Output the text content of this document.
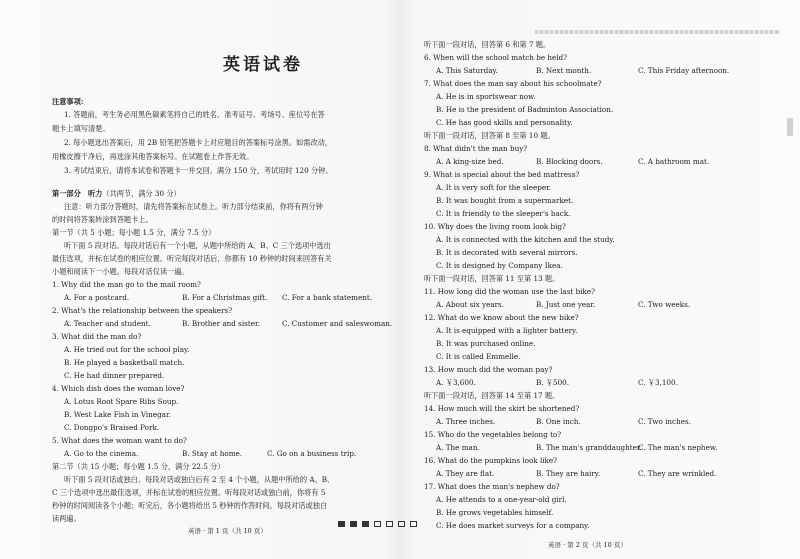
英语试卷
注意事项:
1. 答题前，考生务必用黑色碳素笔将自己的姓名、准考证号、考场号、座位号在答
题卡上填写清楚。
2. 每小题选出答案后，用 2B 铅笔把答题卡上对应题目的答案标号涂黑。如需改动，
用橡皮擦干净后，再选涂其他答案标号。在试题卷上作答无效。
3. 考试结束后，请将本试卷和答题卡一并交回。满分 150 分，考试用时 120 分钟。
第一部分　听力（共两节，满分 30 分）
注意：听力部分答题时，请先将答案标在试卷上。听力部分结束前，你将有两分钟
的时间将答案转涂到答题卡上。
第一节（共 5 小题；每小题 1.5 分，满分 7.5 分）
听下面 5 段对话。每段对话后有一个小题，从题中所给的 A、B、C 三个选项中选出
最佳选项，并标在试卷的相应位置。听完每段对话后，你都有 10 秒钟的时间来回答有关
小题和阅读下一小题。每段对话仅读一遍。
1. Why did the man go to the mail room?
A. For a postcard.	B. For a Christmas gift. C. For a bank statement.
2. What's the relationship between the speakers?
A. Teacher and student.	B. Brother and sister.	C. Customer and saleswoman.
3. What did the man do?
A. He tried out for the school play.
B. He played a basketball match.
C. He had dinner prepared.
4. Which dish does the woman love?
A. Lotus Root Spare Ribs Soup.
B. West Lake Fish in Vinegar.
C. Dongpo's Braised Pork.
5. What does the woman want to do?
A. Go to the cinema.	B. Stay at home.	C. Go on a business trip.
第二节（共 15 小题；每小题 1.5 分，满分 22.5 分）
听下面 5 段对话或独白。每段对话或独白后有 2 至 4 个小题，从题中所给的 A、B、
C 三个选项中选出最佳选项，并标在试卷的相应位置。听每段对话或独白前，你将有 5
秒钟的时间阅读各个小题；听完后，各小题将给出 5 秒钟的作答时间。每段对话或独白
读两遍。
英语 · 第 1 页（共 10 页）
听下面一段对话，回答第 6 和第 7 题。
6. When will the school match be held?
A. This Saturday.	B. Next month.	C. This Friday afternoon.
7. What does the man say about his schoolmate?
A. He is in sportswear now.
B. He is the president of Badminton Association.
C. He has good skills and personality.
听下面一段对话，回答第 8 至第 10 题。
8. What didn't the man buy?
A. A king-size bed.	B. Blocking doors.	C. A bathroom mat.
9. What is special about the bed mattress?
A. It is very soft for the sleeper.
B. It was bought from a supermarket.
C. It is friendly to the sleeper's back.
10. Why does the living room look big?
A. It is connected with the kitchen and the study.
B. It is decorated with several mirrors.
C. It is designed by Company Ikea.
听下面一段对话，回答第 11 至第 13 题。
11. How long did the woman use the last bike?
A. About six years.	B. Just one year.	C. Two weeks.
12. What do we know about the new bike?
A. It is equipped with a lighter battery.
B. It was purchased online.
C. It is called Emmelle.
13. How much did the woman pay?
A. ￥3,600.	B. ￥500.	C. ￥3,100.
听下面一段对话，回答第 14 至第 17 题。
14. How much will the skirt be shortened?
A. Three inches.	B. One inch.	C. Two inches.
15. Who do the vegetables belong to?
A. The man.	B. The man's granddaughter.
C. The man's nephew.
16. What do the pumpkins look like?
A. They are flat.	B. They are hairy.	C. They are wrinkled.
17. What does the man's nephew do?
A. He attends to a one-year-old girl.
B. He grows vegetables himself.
C. He does market surveys for a company.
英语 · 第 2 页（共 10 页）
